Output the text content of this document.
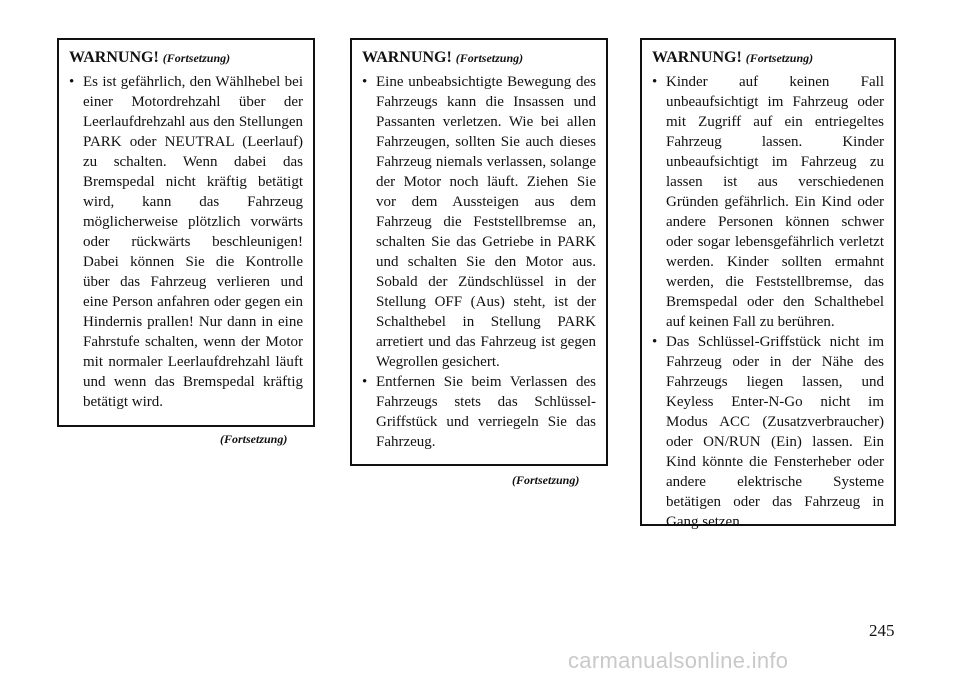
WARNUNG! (Fortsetzung)
• Es ist gefährlich, den Wählhebel bei einer Motordrehzahl über der Leerlaufdrehzahl aus den Stellungen PARK oder NEUTRAL (Leerlauf) zu schalten. Wenn dabei das Bremspedal nicht kräftig betätigt wird, kann das Fahrzeug möglicherweise plötzlich vorwärts oder rückwärts beschleunigen! Dabei können Sie die Kontrolle über das Fahrzeug verlieren und eine Person anfahren oder gegen ein Hindernis prallen! Nur dann in eine Fahrstufe schalten, wenn der Motor mit normaler Leerlaufdrehzahl läuft und wenn das Bremspedal kräftig betätigt wird.
(Fortsetzung)
WARNUNG! (Fortsetzung)
• Eine unbeabsichtigte Bewegung des Fahrzeugs kann die Insassen und Passanten verletzen. Wie bei allen Fahrzeugen, sollten Sie auch dieses Fahrzeug niemals verlassen, solange der Motor noch läuft. Ziehen Sie vor dem Aussteigen aus dem Fahrzeug die Feststellbremse an, schalten Sie das Getriebe in PARK und schalten Sie den Motor aus. Sobald der Zündschlüssel in der Stellung OFF (Aus) steht, ist der Schalthebel in Stellung PARK arretiert und das Fahrzeug ist gegen Wegrollen gesichert.
• Entfernen Sie beim Verlassen des Fahrzeugs stets das Schlüssel-Griffstück und verriegeln Sie das Fahrzeug.
(Fortsetzung)
WARNUNG! (Fortsetzung)
• Kinder auf keinen Fall unbeaufsichtigt im Fahrzeug oder mit Zugriff auf ein entriegeltes Fahrzeug lassen. Kinder unbeaufsichtigt im Fahrzeug zu lassen ist aus verschiedenen Gründen gefährlich. Ein Kind oder andere Personen können schwer oder sogar lebensgefährlich verletzt werden. Kinder sollten ermahnt werden, die Feststellbremse, das Bremspedal oder den Schalthebel auf keinen Fall zu berühren.
• Das Schlüssel-Griffstück nicht im Fahrzeug oder in der Nähe des Fahrzeugs liegen lassen, und Keyless Enter-N-Go nicht im Modus ACC (Zusatzverbraucher) oder ON/RUN (Ein) lassen. Ein Kind könnte die Fensterheber oder andere elektrische Systeme betätigen oder das Fahrzeug in Gang setzen.
245
carmanualsonline.info
